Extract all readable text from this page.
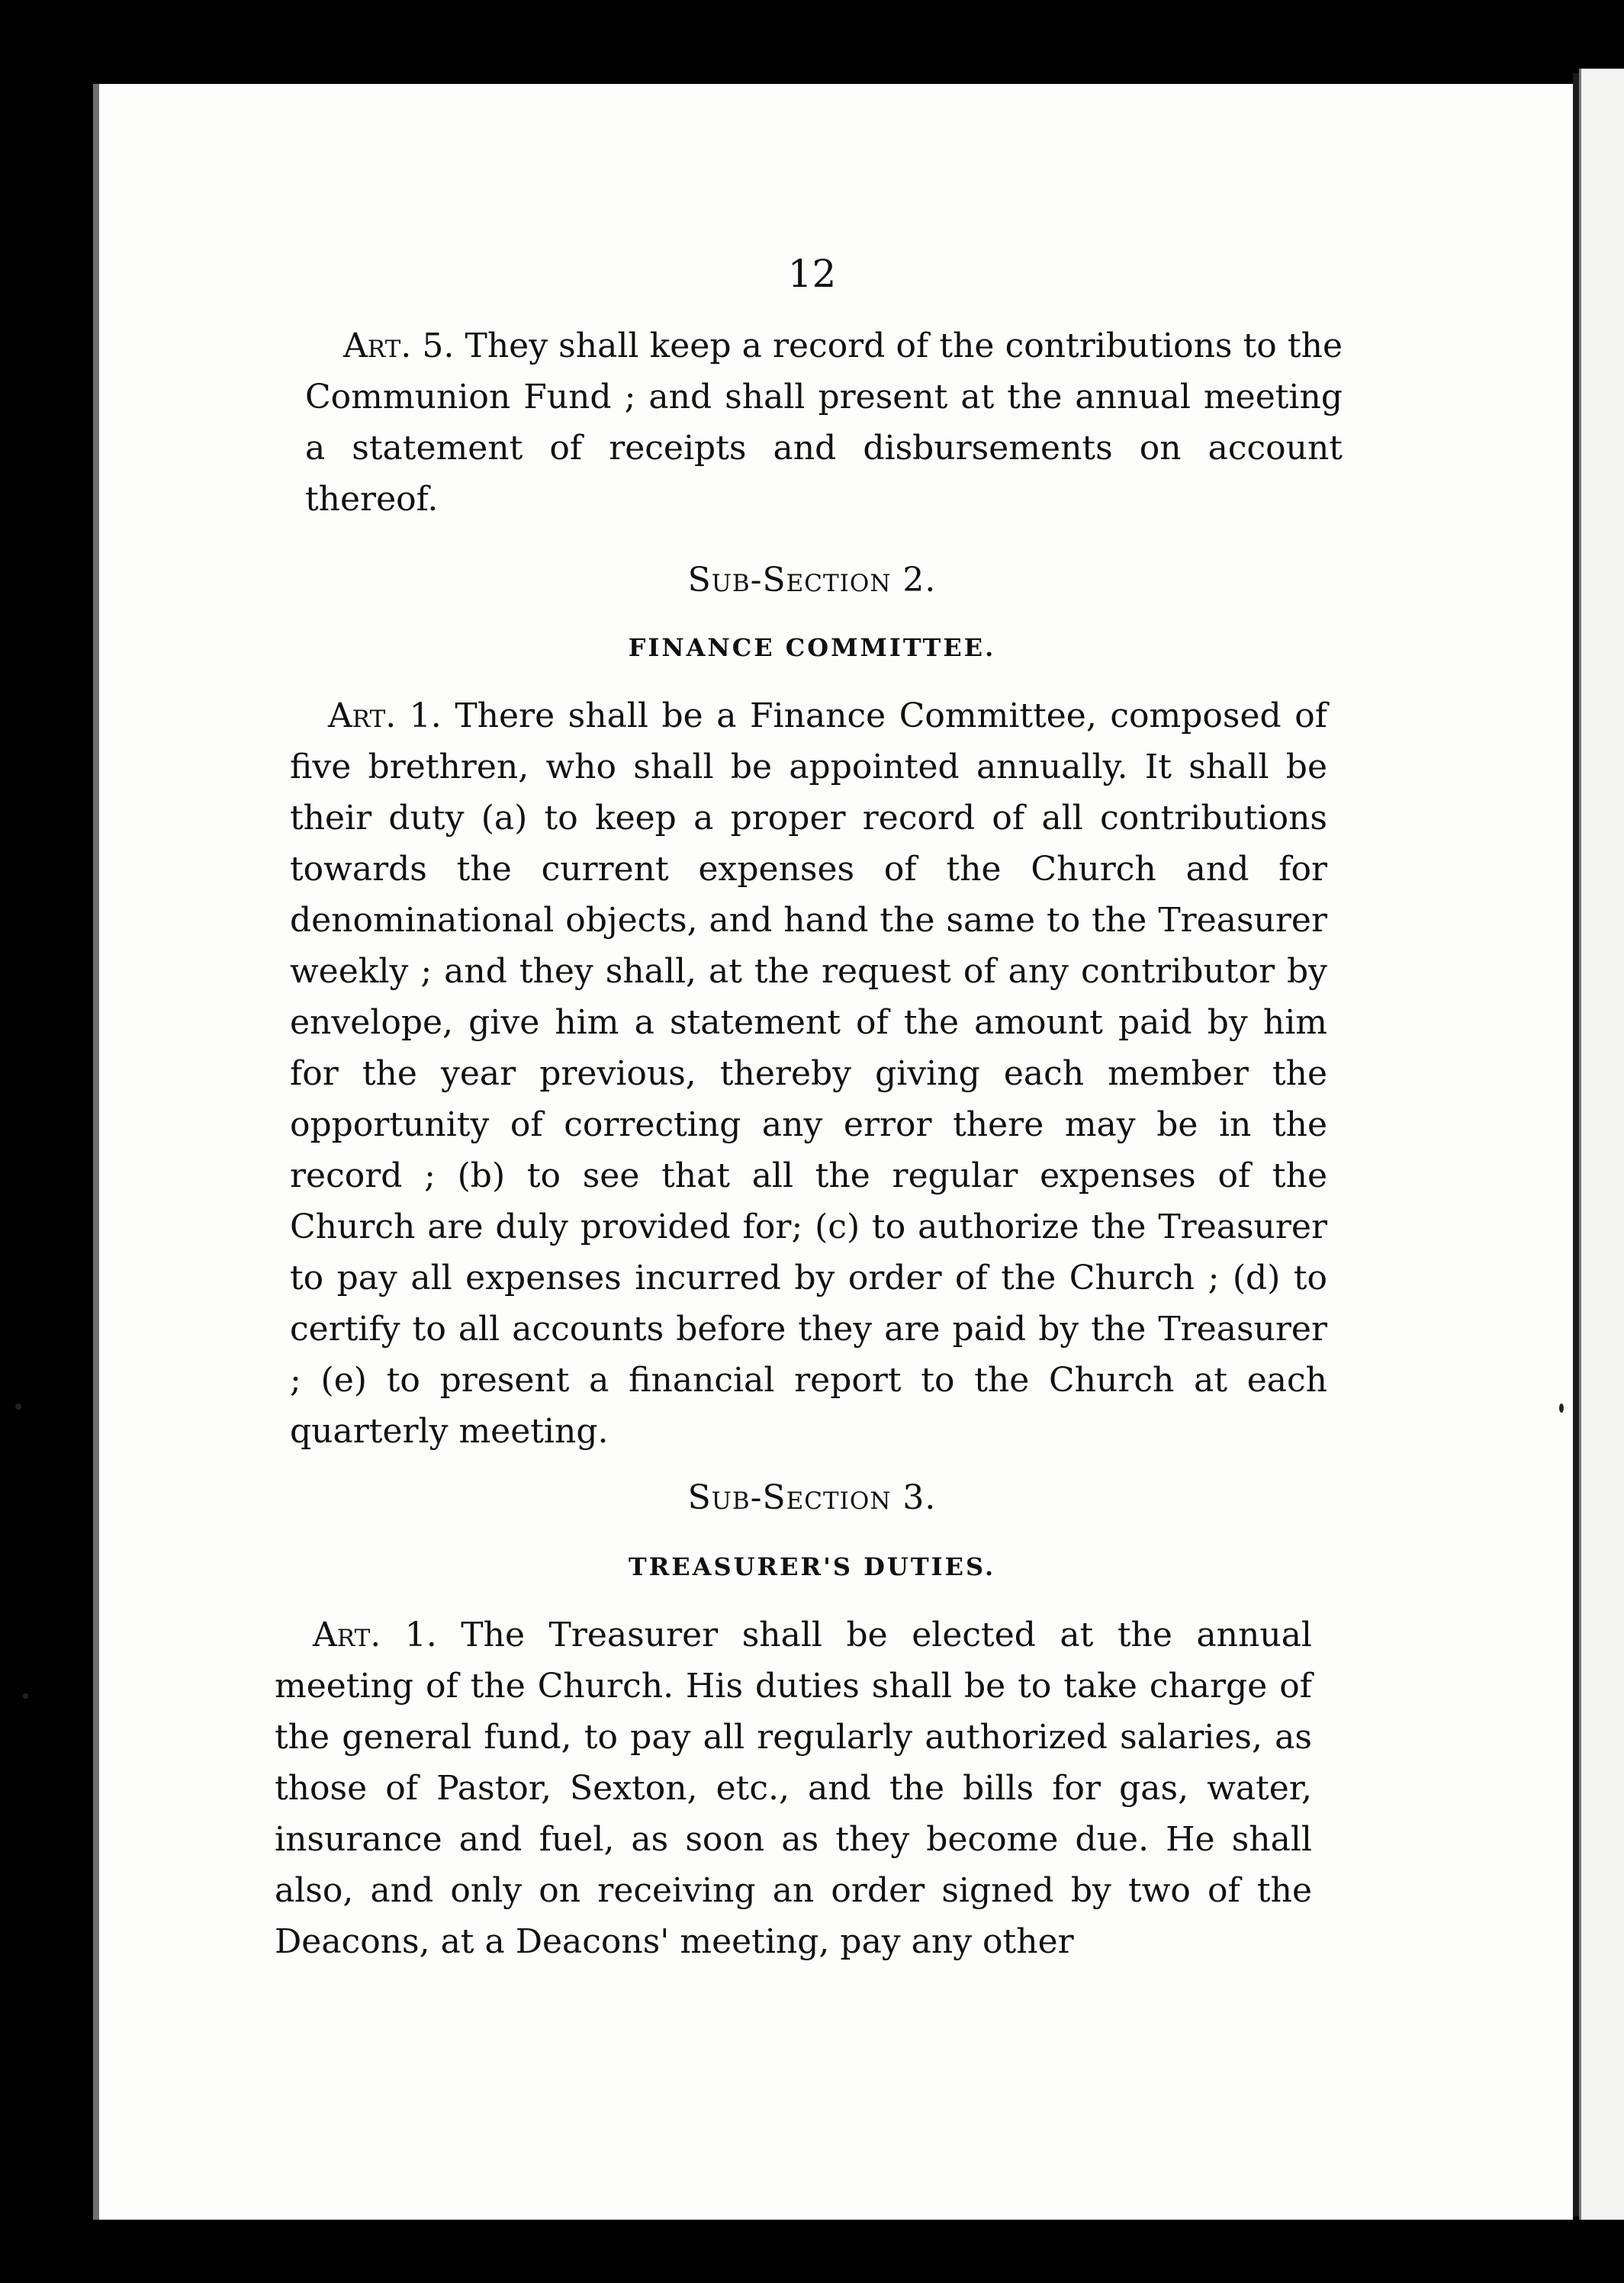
12

Art. 5. They shall keep a record of the contributions to the Communion Fund ; and shall present at the annual meeting a statement of receipts and disbursements on account thereof.

Sub-Section 2.
FINANCE COMMITTEE.

Art. 1. There shall be a Finance Committee, composed of five brethren, who shall be appointed annually. It shall be their duty (a) to keep a proper record of all contributions towards the current expenses of the Church and for denominational objects, and hand the same to the Treasurer weekly ; and they shall, at the request of any contributor by envelope, give him a statement of the amount paid by him for the year previous, thereby giving each member the opportunity of correcting any error there may be in the record ; (b) to see that all the regular expenses of the Church are duly provided for; (c) to authorize the Treasurer to pay all expenses incurred by order of the Church ; (d) to certify to all accounts before they are paid by the Treasurer ; (e) to present a financial report to the Church at each quarterly meeting.

Sub-Section 3.
TREASURER'S DUTIES.

Art. 1. The Treasurer shall be elected at the annual meeting of the Church. His duties shall be to take charge of the general fund, to pay all regularly authorized salaries, as those of Pastor, Sexton, etc., and the bills for gas, water, insurance and fuel, as soon as they become due. He shall also, and only on receiving an order signed by two of the Deacons, at a Deacons' meeting, pay any other
